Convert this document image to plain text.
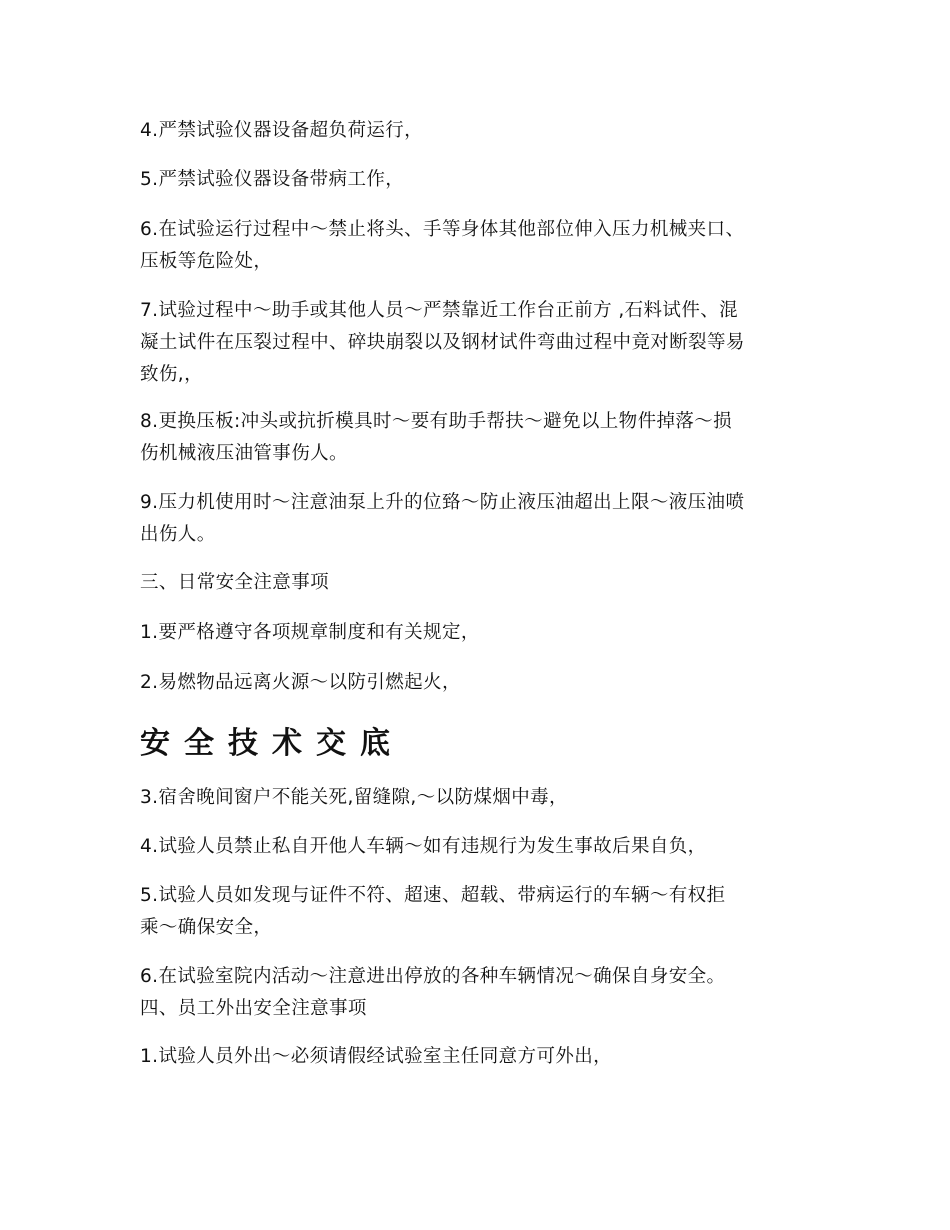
4.严禁试验仪器设备超负荷运行，

5.严禁试验仪器设备带病工作，

6.在试验运行过程中～禁止将头、手等身体其他部位伸入压力机械夹口、
压板等危险处，

7.试验过程中～助手或其他人员～严禁靠近工作台正前方 ,石料试件、混
凝土试件在压裂过程中、碎块崩裂以及钢材试件弯曲过程中竟对断裂等易
致伤,，

8.更换压板:冲头或抗折模具时～要有助手帮扶～避免以上物件掉落～损
伤机械液压油管事伤人。

9.压力机使用时～注意油泵上升的位臵～防止液压油超出上限～液压油喷
出伤人。

三、日常安全注意事项

1.要严格遵守各项规章制度和有关规定，

2.易燃物品远离火源～以防引燃起火，

安全技术交底

3.宿舍晚间窗户不能关死,留缝隙,～以防煤烟中毒，

4.试验人员禁止私自开他人车辆～如有违规行为发生事故后果自负，

5.试验人员如发现与证件不符、超速、超载、带病运行的车辆～有权拒
乘～确保安全，

6.在试验室院内活动～注意进出停放的各种车辆情况～确保自身安全。
四、员工外出安全注意事项

1.试验人员外出～必须请假经试验室主任同意方可外出，
